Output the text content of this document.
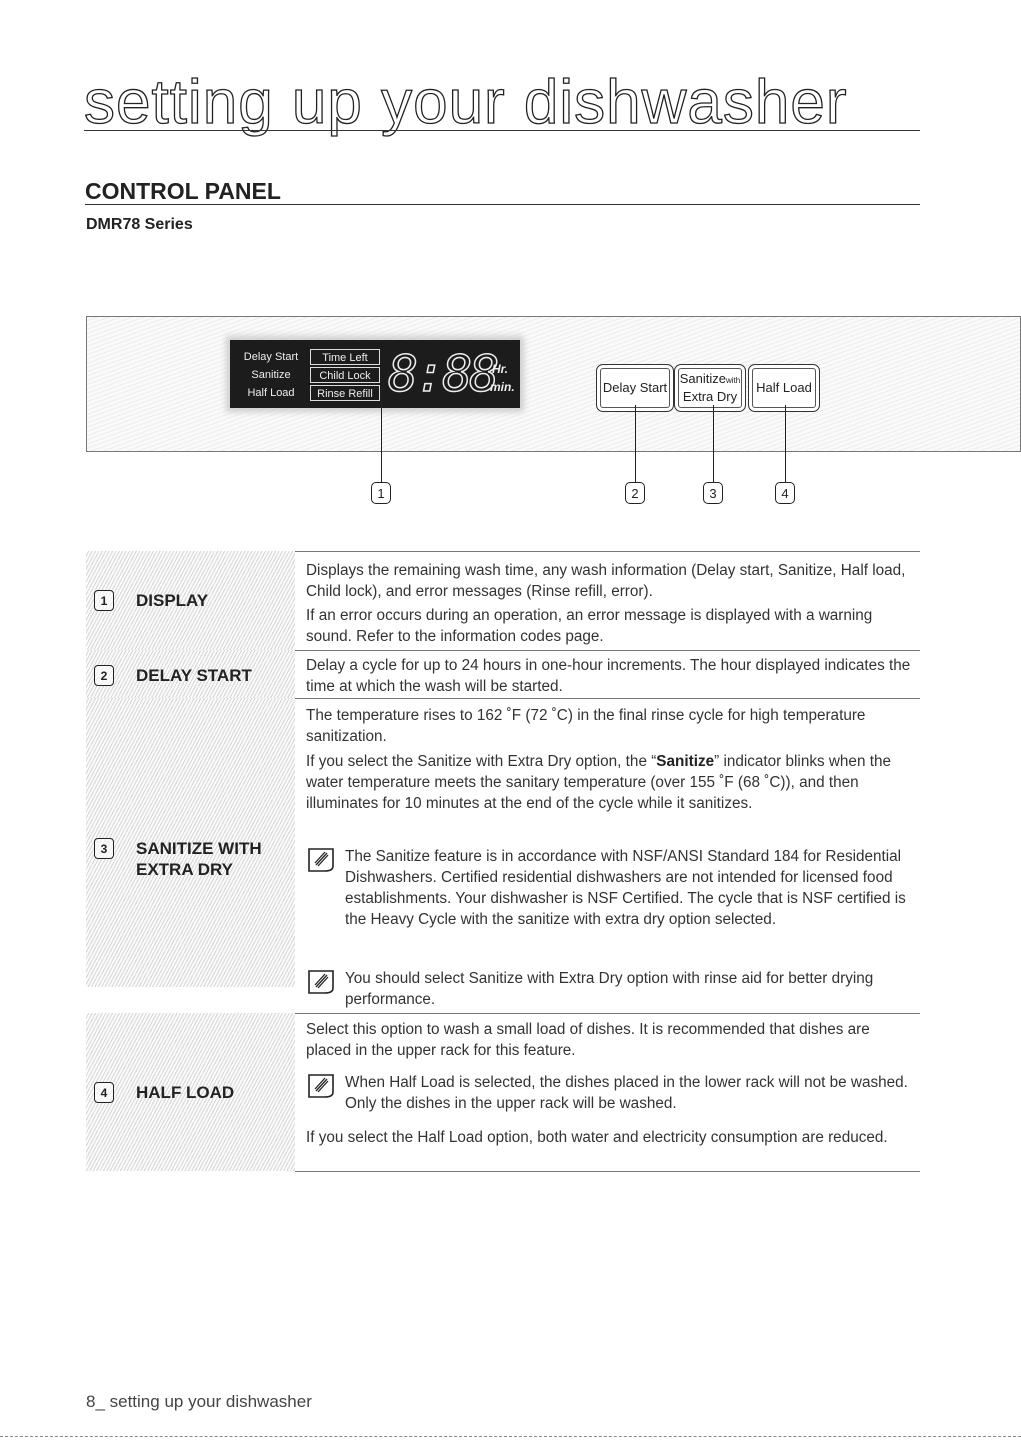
setting up your dishwasher
CONTROL PANEL
DMR78 Series
Delay Start	Time Left
Sanitize	Child Lock
Half Load	Rinse Refill 8:88
Hr.
min.	Delay Start
Sanitizewith
Extra Dry
Half Load
1	2	3	4
1	DISPLAY
Displays the remaining wash time, any wash information (Delay start, Sanitize, Half load, Child lock), and error messages (Rinse refill, error).
If an error occurs during an operation, an error message is displayed with a warning sound. Refer to the information codes page.
2	DELAY START
Delay a cycle for up to 24 hours in one-hour increments. The hour displayed indicates the time at which the wash will be started.
3	SANITIZE WITH
EXTRA DRY
The temperature rises to 162 ˚F (72 ˚C) in the final rinse cycle for high temperature sanitization.
If you select the Sanitize with Extra Dry option, the “Sanitize” indicator blinks when the water temperature meets the sanitary temperature (over 155 ˚F (68 ˚C)), and then illuminates for 10 minutes at the end of the cycle while it sanitizes.
The Sanitize feature is in accordance with NSF/ANSI Standard 184 for Residential Dishwashers. Certified residential dishwashers are not intended for licensed food establishments. Your dishwasher is NSF Certified. The cycle that is NSF certified is the Heavy Cycle with the sanitize with extra dry option selected.
You should select Sanitize with Extra Dry option with rinse aid for better drying performance.
4	HALF LOAD
Select this option to wash a small load of dishes. It is recommended that dishes are placed in the upper rack for this feature.
When Half Load is selected, the dishes placed in the lower rack will not be washed. Only the dishes in the upper rack will be washed.
If you select the Half Load option, both water and electricity consumption are reduced.
8_ setting up your dishwasher
